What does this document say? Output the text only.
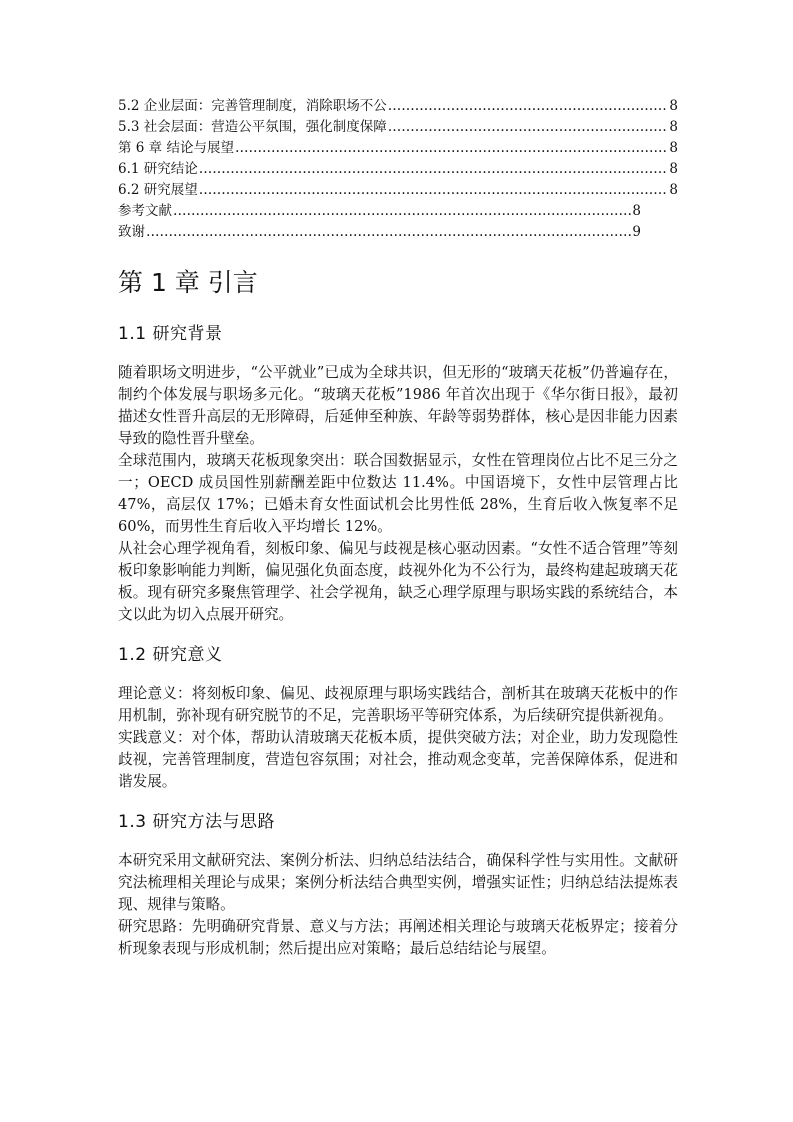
5.2 企业层面：完善管理制度，消除职场不公 ……………………………………………………………………………………………………………………………………………………	8
5.3 社会层面：营造公平氛围，强化制度保障 ……………………………………………………………………………………………………………………………………………………	8
第 6 章 结论与展望 ……………………………………………………………………………………………………………………………………………………	8
6.1 研究结论 ……………………………………………………………………………………………………………………………………………………	8
6.2 研究展望 ……………………………………………………………………………………………………………………………………………………	8
参考文献 ……………………………………………………………………………………………………………………………………………………	8
致谢 ……………………………………………………………………………………………………………………………………………………	9
第 1 章 引言
1.1 研究背景

随着职场文明进步，“公平就业”已成为全球共识，但无形的“玻璃天花板”仍普遍存在，制约个体发展与职场多元化。“玻璃天花板”1986 年首次出现于《华尔街日报》，最初描述女性晋升高层的无形障碍，后延伸至种族、年龄等弱势群体，核心是因非能力因素导致的隐性晋升壁垒。

全球范围内，玻璃天花板现象突出：联合国数据显示，女性在管理岗位占比不足三分之一；OECD 成员国性别薪酬差距中位数达 11.4%。中国语境下，女性中层管理占比 47%，高层仅 17%；已婚未育女性面试机会比男性低 28%，生育后收入恢复率不足 60%，而男性生育后收入平均增长 12%。

从社会心理学视角看，刻板印象、偏见与歧视是核心驱动因素。“女性不适合管理”等刻板印象影响能力判断，偏见强化负面态度，歧视外化为不公行为，最终构建起玻璃天花板。现有研究多聚焦管理学、社会学视角，缺乏心理学原理与职场实践的系统结合，本文以此为切入点展开研究。

1.2 研究意义

理论意义：将刻板印象、偏见、歧视原理与职场实践结合，剖析其在玻璃天花板中的作用机制，弥补现有研究脱节的不足，完善职场平等研究体系，为后续研究提供新视角。

实践意义：对个体，帮助认清玻璃天花板本质，提供突破方法；对企业，助力发现隐性歧视，完善管理制度，营造包容氛围；对社会，推动观念变革，完善保障体系，促进和谐发展。

1.3 研究方法与思路

本研究采用文献研究法、案例分析法、归纳总结法结合，确保科学性与实用性。文献研究法梳理相关理论与成果；案例分析法结合典型实例，增强实证性；归纳总结法提炼表现、规律与策略。

研究思路：先明确研究背景、意义与方法；再阐述相关理论与玻璃天花板界定；接着分析现象表现与形成机制；然后提出应对策略；最后总结结论与展望。
